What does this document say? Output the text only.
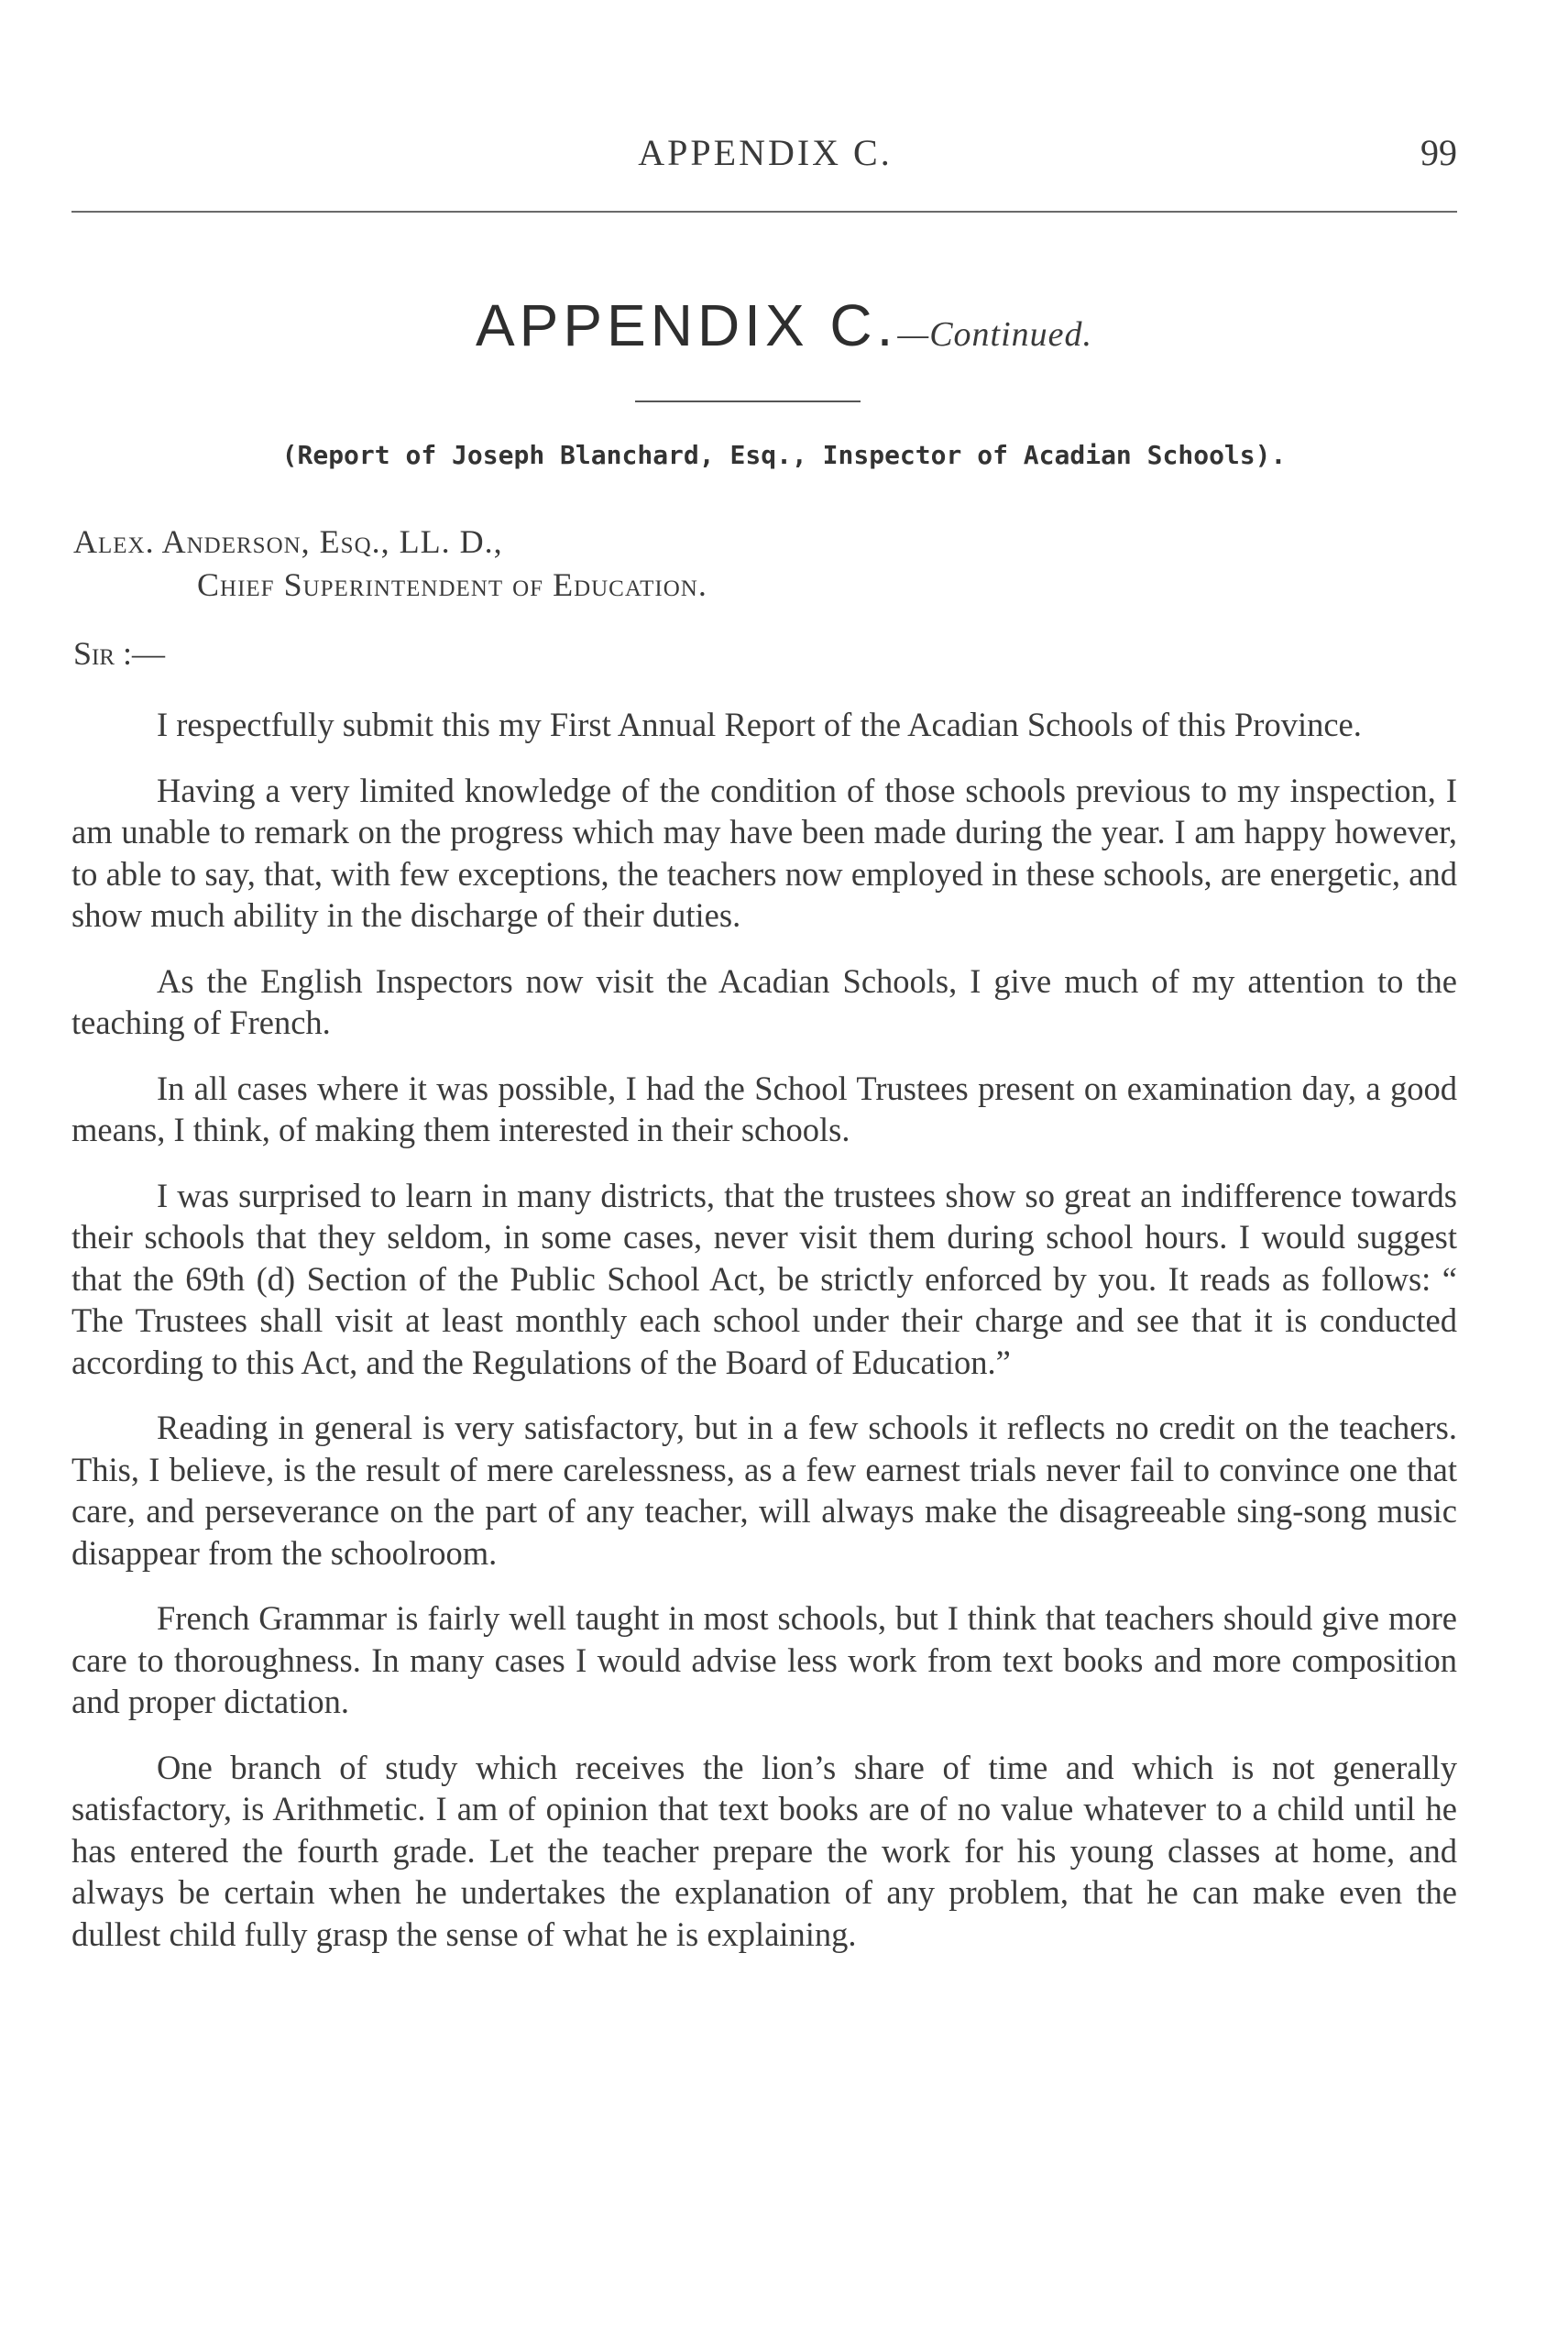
APPENDIX C.	99
APPENDIX C.—Continued.
(Report of Joseph Blanchard, Esq., Inspector of Acadian Schools).
Alex. Anderson, Esq., LL. D.,
Chief Superintendent of Education.
Sir :—

I respectfully submit this my First Annual Report of the Acadian Schools of this Province.

Having a very limited knowledge of the condition of those schools previous to my inspection, I am unable to remark on the progress which may have been made during the year. I am happy however, to able to say, that, with few exceptions, the teachers now employed in these schools, are energetic, and show much ability in the discharge of their duties.

As the English Inspectors now visit the Acadian Schools, I give much of my attention to the teaching of French.

In all cases where it was possible, I had the School Trustees present on examination day, a good means, I think, of making them interested in their schools.

I was surprised to learn in many districts, that the trustees show so great an indifference towards their schools that they seldom, in some cases, never visit them during school hours. I would suggest that the 69th (d) Section of the Public School Act, be strictly enforced by you. It reads as follows: “ The Trustees shall visit at least monthly each school under their charge and see that it is conducted according to this Act, and the Regulations of the Board of Education.”

Reading in general is very satisfactory, but in a few schools it reflects no credit on the teachers. This, I believe, is the result of mere carelessness, as a few earnest trials never fail to convince one that care, and perseverance on the part of any teacher, will always make the disagreeable sing-song music disappear from the schoolroom.

French Grammar is fairly well taught in most schools, but I think that teachers should give more care to thoroughness. In many cases I would advise less work from text books and more composition and proper dictation.

One branch of study which receives the lion’s share of time and which is not generally satisfactory, is Arithmetic. I am of opinion that text books are of no value whatever to a child until he has entered the fourth grade. Let the teacher prepare the work for his young classes at home, and always be certain when he undertakes the explanation of any problem, that he can make even the dullest child fully grasp the sense of what he is explaining.
